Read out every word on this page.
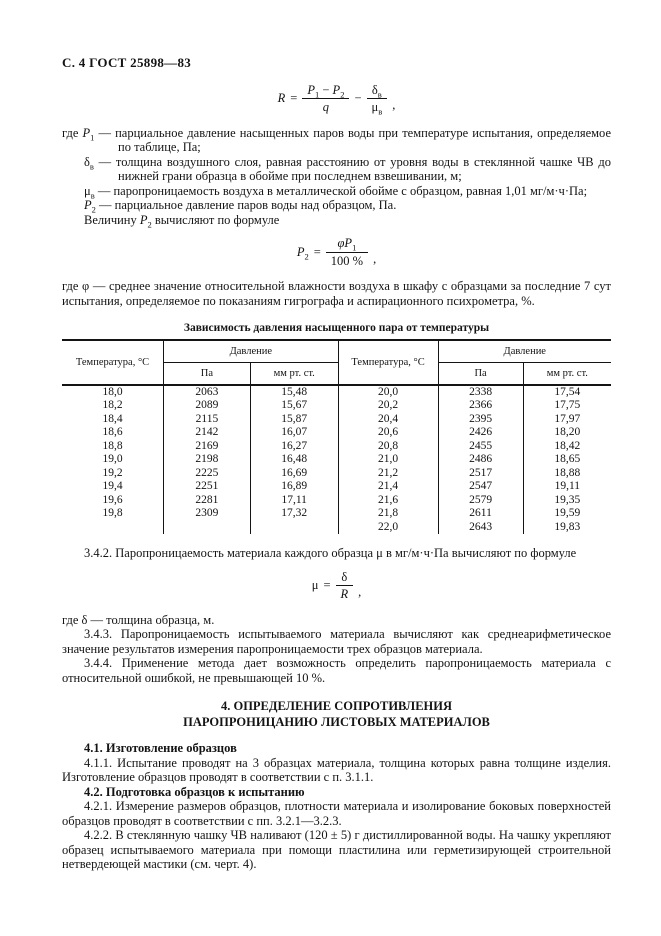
С. 4 ГОСТ 25898—83

$R = \frac{P_1 - P_2}{q} - \frac{\delta_в}{\mu_в}$ ,

где $P_1$ — парциальное давление насыщенных паров воды при температуре испытания, определяемое по таблице, Па;

$\delta_в$ — толщина воздушного слоя, равная расстоянию от уровня воды в стеклянной чашке ЧВ до нижней грани образца в обойме при последнем взвешивании, м;

$\mu_в$ — паропроницаемость воздуха в металлической обойме с образцом, равная 1,01 мг/м·ч·Па;

$P_2$ — парциальное давление паров воды над образцом, Па.

Величину $P_2$ вычисляют по формуле

$P_2 = \frac{\varphi P_1}{100 \%}$ ,

где φ — среднее значение относительной влажности воздуха в шкафу с образцами за последние 7 сут испытания, определяемое по показаниям гигрографа и аспирационного психрометра, %.

Зависимость давления насыщенного пара от температуры

Температура, °С	Давление		Температура, °С	Давление	
	Па	мм рт. ст.		Па	мм рт. ст.
18,0	2063	15,48	20,0	2338	17,54
18,2	2089	15,67	20,2	2366	17,75
18,4	2115	15,87	20,4	2395	17,97
18,6	2142	16,07	20,6	2426	18,20
18,8	2169	16,27	20,8	2455	18,42
19,0	2198	16,48	21,0	2486	18,65
19,2	2225	16,69	21,2	2517	18,88
19,4	2251	16,89	21,4	2547	19,11
19,6	2281	17,11	21,6	2579	19,35
19,8	2309	17,32	21,8	2611	19,59
			22,0	2643	19,83

3.4.2. Паропроницаемость материала каждого образца μ в мг/м·ч·Па вычисляют по формуле

$\mu = \frac{\delta}{R}$ ,

где δ — толщина образца, м.

3.4.3. Паропроницаемость испытываемого материала вычисляют как среднеарифметическое значение результатов измерения паропроницаемости трех образцов материала.

3.4.4. Применение метода дает возможность определить паропроницаемость материала с относительной ошибкой, не превышающей 10 %.

4. ОПРЕДЕЛЕНИЕ СОПРОТИВЛЕНИЯ
ПАРОПРОНИЦАНИЮ ЛИСТОВЫХ МАТЕРИАЛОВ

4.1. Изготовление образцов

4.1.1. Испытание проводят на 3 образцах материала, толщина которых равна толщине изделия. Изготовление образцов проводят в соответствии с п. 3.1.1.

4.2. Подготовка образцов к испытанию

4.2.1. Измерение размеров образцов, плотности материала и изолирование боковых поверхностей образцов проводят в соответствии с пп. 3.2.1—3.2.3.

4.2.2. В стеклянную чашку ЧВ наливают (120 ± 5) г дистиллированной воды. На чашку укрепляют образец испытываемого материала при помощи пластилина или герметизирующей строительной нетвердеющей мастики (см. черт. 4).
